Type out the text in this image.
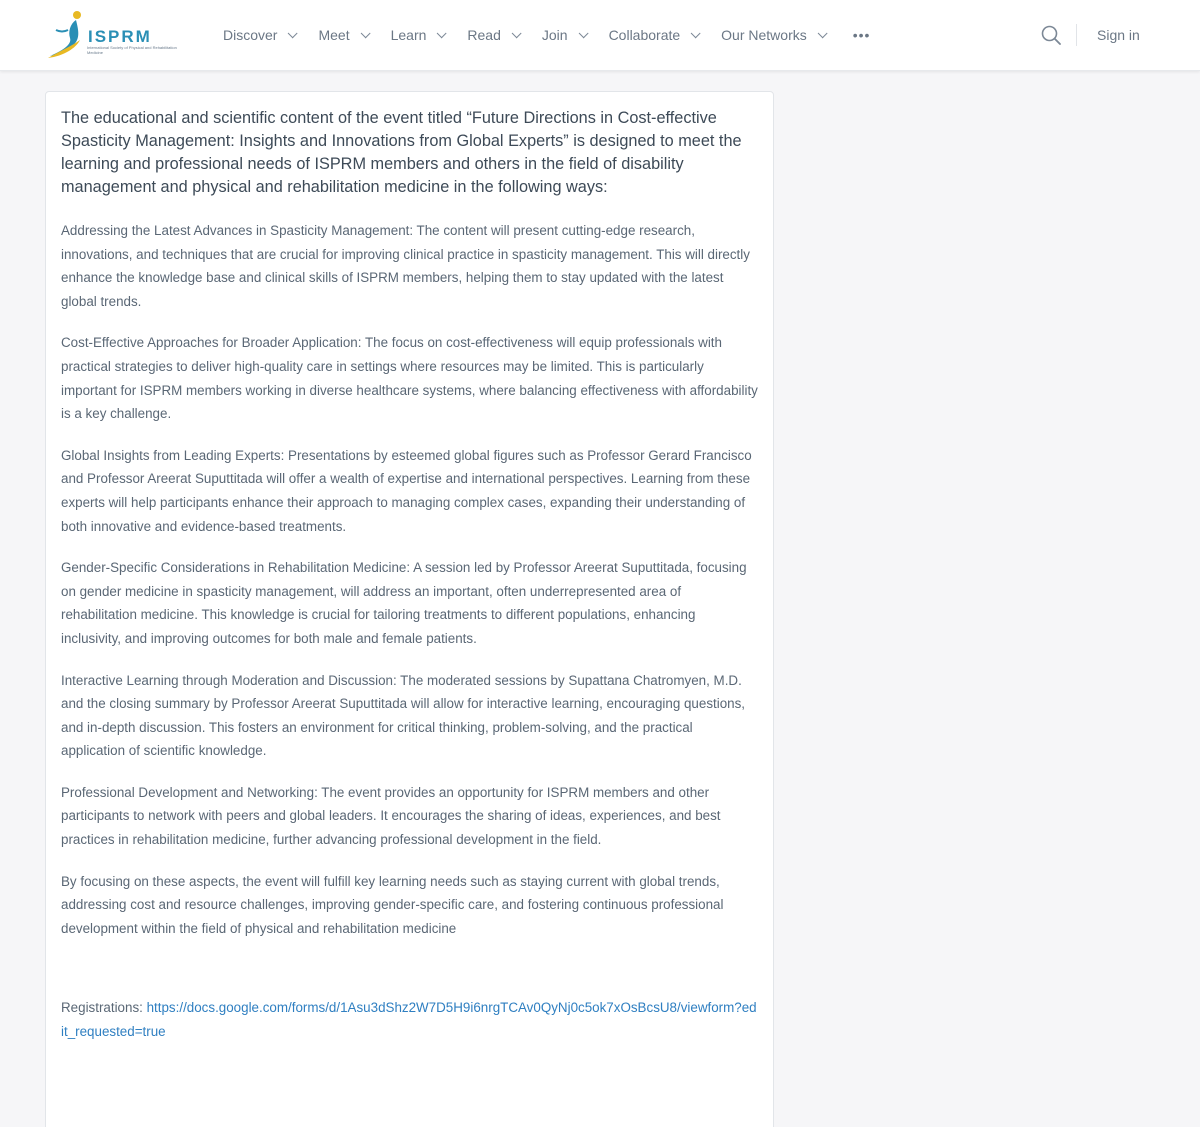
ISPRM
International Society of Physical and Rehabilitation Medicine
Discover	Meet	Learn	Read	Join	Collaborate	Our Networks	•••	Sign in

The educational and scientific content of the event titled “Future Directions in Cost-effective Spasticity Management: Insights and Innovations from Global Experts” is designed to meet the learning and professional needs of ISPRM members and others in the field of disability management and physical and rehabilitation medicine in the following ways:

Addressing the Latest Advances in Spasticity Management: The content will present cutting-edge research, innovations, and techniques that are crucial for improving clinical practice in spasticity management. This will directly enhance the knowledge base and clinical skills of ISPRM members, helping them to stay updated with the latest global trends.

Cost-Effective Approaches for Broader Application: The focus on cost-effectiveness will equip professionals with practical strategies to deliver high-quality care in settings where resources may be limited. This is particularly important for ISPRM members working in diverse healthcare systems, where balancing effectiveness with affordability is a key challenge.

Global Insights from Leading Experts: Presentations by esteemed global figures such as Professor Gerard Francisco and Professor Areerat Suputtitada will offer a wealth of expertise and international perspectives. Learning from these experts will help participants enhance their approach to managing complex cases, expanding their understanding of both innovative and evidence-based treatments.

Gender-Specific Considerations in Rehabilitation Medicine: A session led by Professor Areerat Suputtitada, focusing on gender medicine in spasticity management, will address an important, often underrepresented area of rehabilitation medicine. This knowledge is crucial for tailoring treatments to different populations, enhancing inclusivity, and improving outcomes for both male and female patients.

Interactive Learning through Moderation and Discussion: The moderated sessions by Supattana Chatromyen, M.D. and the closing summary by Professor Areerat Suputtitada will allow for interactive learning, encouraging questions, and in-depth discussion. This fosters an environment for critical thinking, problem-solving, and the practical application of scientific knowledge.

Professional Development and Networking: The event provides an opportunity for ISPRM members and other participants to network with peers and global leaders. It encourages the sharing of ideas, experiences, and best practices in rehabilitation medicine, further advancing professional development in the field.

By focusing on these aspects, the event will fulfill key learning needs such as staying current with global trends, addressing cost and resource challenges, improving gender-specific care, and fostering continuous professional development within the field of physical and rehabilitation medicine

Registrations: https://docs.google.com/forms/d/1Asu3dShz2W7D5H9i6nrgTCAv0QyNj0c5ok7xOsBcsU8/viewform?edit_requested=true
